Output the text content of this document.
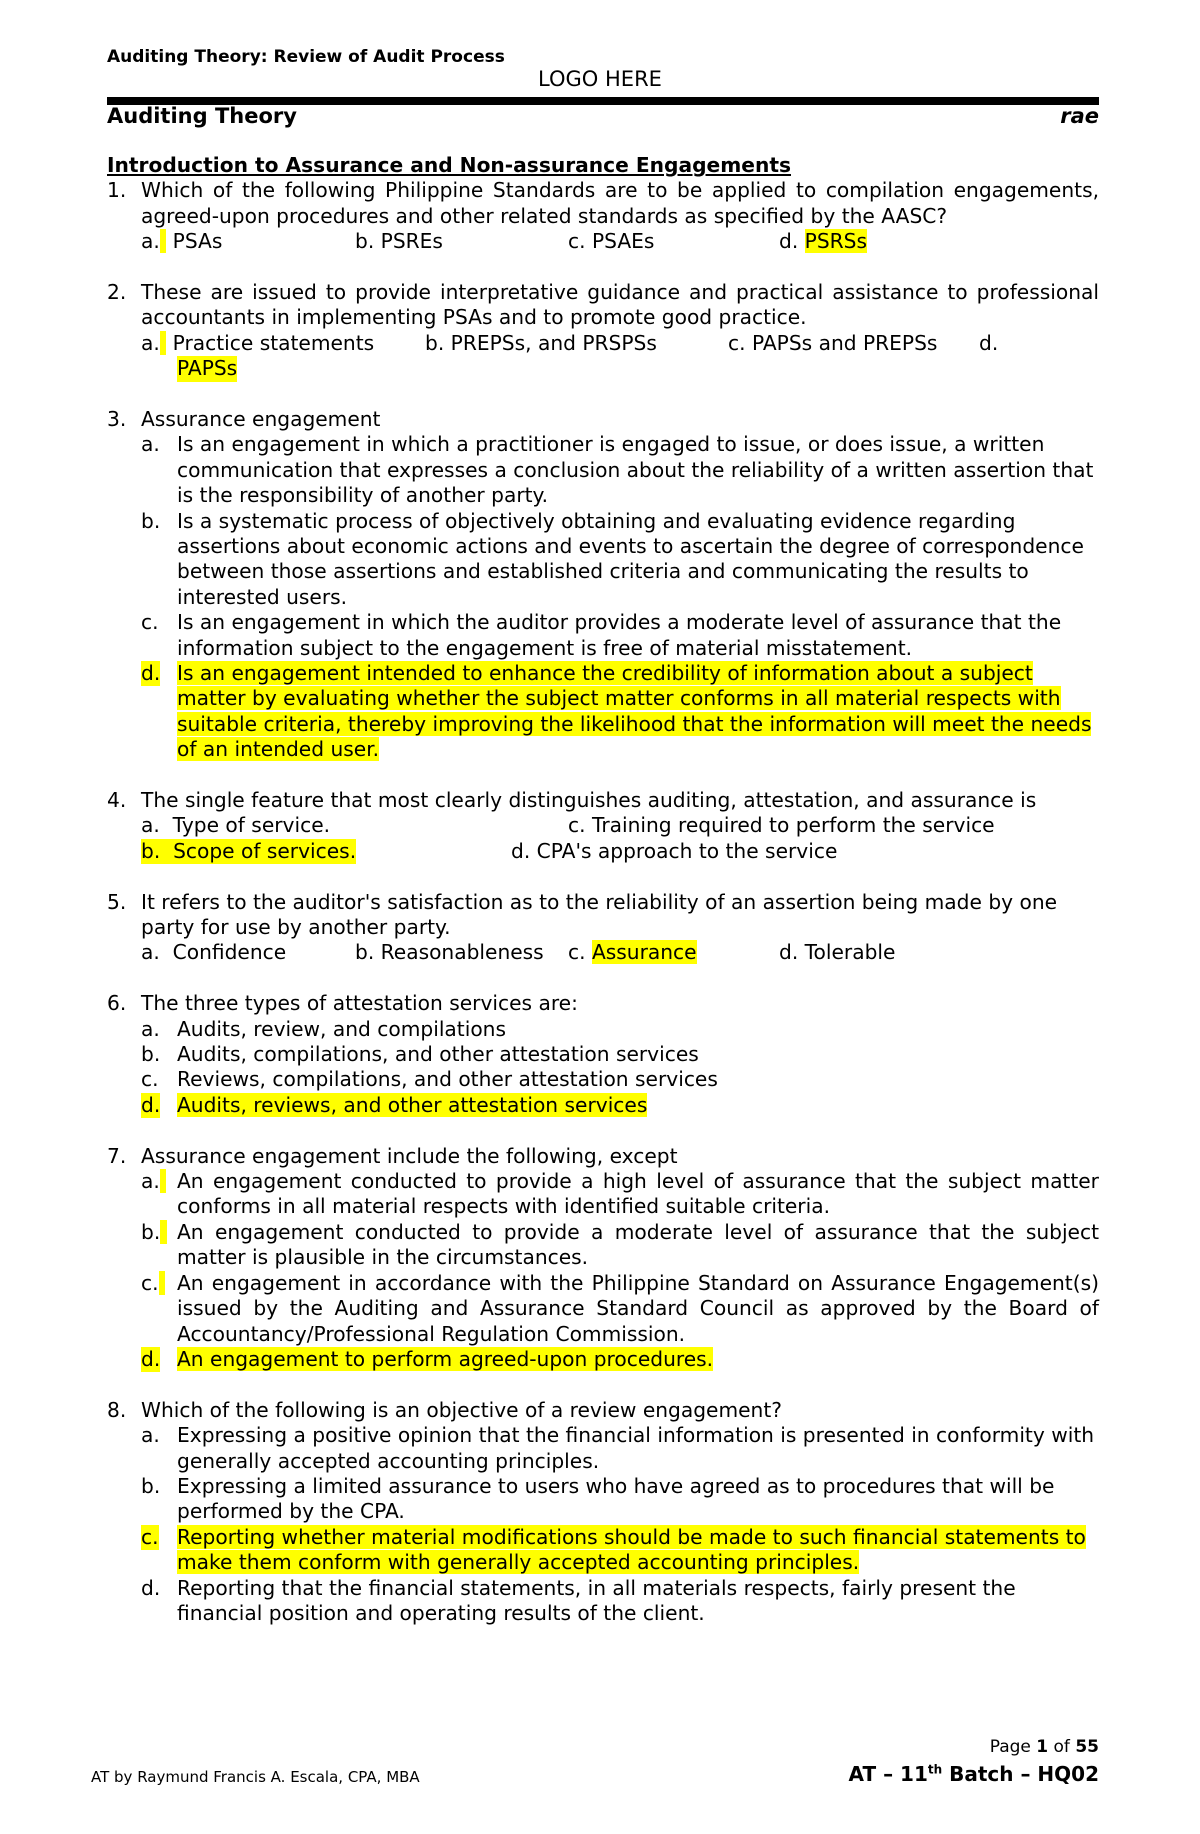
Auditing Theory: Review of Audit Process
LOGO HERE
Auditing Theory	rae
Introduction to Assurance and Non-assurance Engagements
1. Which of the following Philippine Standards are to be applied to compilation engagements, agreed-upon procedures and other related standards as specified by the AASC?
a. PSAs	b. PSREs	c. PSAEs	d. PSRSs
2. These are issued to provide interpretative guidance and practical assistance to professional accountants in implementing PSAs and to promote good practice.
a. Practice statements	b. PREPSs, and PRSPSs	c. PAPSs and PREPSs d.
PAPSs
3. Assurance engagement
a. Is an engagement in which a practitioner is engaged to issue, or does issue, a written communication that expresses a conclusion about the reliability of a written assertion that is the responsibility of another party.
b. Is a systematic process of objectively obtaining and evaluating evidence regarding assertions about economic actions and events to ascertain the degree of correspondence between those assertions and established criteria and communicating the results to interested users.
c. Is an engagement in which the auditor provides a moderate level of assurance that the information subject to the engagement is free of material misstatement.
d. Is an engagement intended to enhance the credibility of information about a subject matter by evaluating whether the subject matter conforms in all material respects with suitable criteria, thereby improving the likelihood that the information will meet the needs of an intended user.
4. The single feature that most clearly distinguishes auditing, attestation, and assurance is
a. Type of service.	c. Training required to perform the service
b. Scope of services.	d. CPA's approach to the service
5. It refers to the auditor's satisfaction as to the reliability of an assertion being made by one party for use by another party.
a. Confidence	b. Reasonableness c. Assurance	d. Tolerable
6. The three types of attestation services are:
a. Audits, review, and compilations
b. Audits, compilations, and other attestation services
c. Reviews, compilations, and other attestation services
d. Audits, reviews, and other attestation services
7. Assurance engagement include the following, except
a. An engagement conducted to provide a high level of assurance that the subject matter conforms in all material respects with identified suitable criteria.
b. An engagement conducted to provide a moderate level of assurance that the subject matter is plausible in the circumstances.
c. An engagement in accordance with the Philippine Standard on Assurance Engagement(s) issued by the Auditing and Assurance Standard Council as approved by the Board of Accountancy/Professional Regulation Commission.
d. An engagement to perform agreed-upon procedures.
8. Which of the following is an objective of a review engagement?
a. Expressing a positive opinion that the financial information is presented in conformity with generally accepted accounting principles.
b. Expressing a limited assurance to users who have agreed as to procedures that will be performed by the CPA.
c. Reporting whether material modifications should be made to such financial statements to make them conform with generally accepted accounting principles.
d. Reporting that the financial statements, in all materials respects, fairly present the financial position and operating results of the client.
Page 1 of 55
AT by Raymund Francis A. Escala, CPA, MBA	AT – 11th Batch – HQ02
